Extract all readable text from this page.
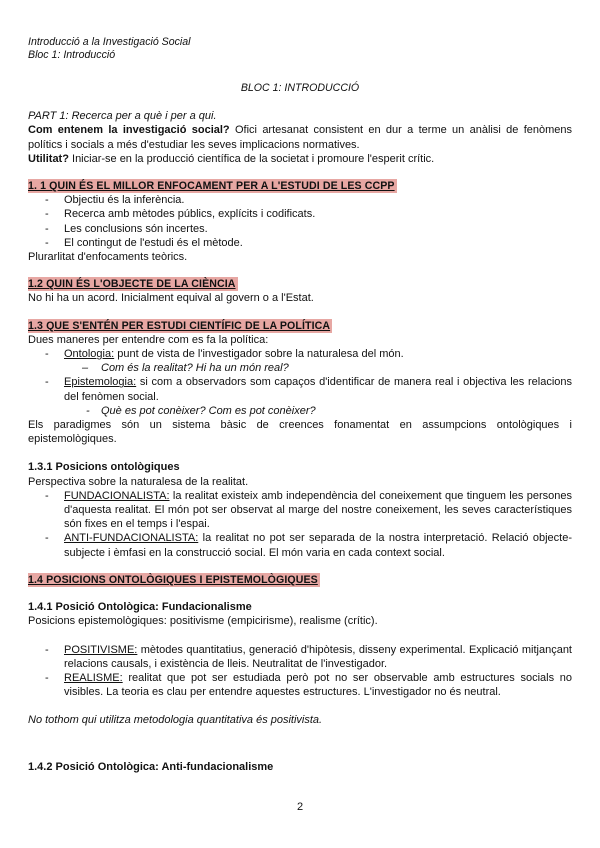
Introducció a la Investigació Social

Bloc 1: Introducció

BLOC 1: INTRODUCCIÓ

PART 1: Recerca per a què i per a qui.

Com entenem la investigació social? Ofici artesanat consistent en dur a terme un anàlisi de fenòmens polítics i socials a més d'estudiar les seves implicacions normatives.

Utilitat? Iniciar-se en la producció científica de la societat i promoure l'esperit crític.

1. 1 QUIN ÉS EL MILLOR ENFOCAMENT PER A L'ESTUDI DE LES CCPP

- Objectiu és la inferència.
- Recerca amb mètodes públics, explícits i codificats.
- Les conclusions són incertes.
- El contingut de l'estudi és el mètode.

Plurarlitat d'enfocaments teòrics.

1.2 QUIN ÉS L'OBJECTE DE LA CIÈNCIA

No hi ha un acord. Inicialment equival al govern o a l'Estat.

1.3 QUE S'ENTÉN PER ESTUDI CIENTÍFIC DE LA POLÍTICA

Dues maneres per entendre com es fa la política:

- Ontologia: punt de vista de l'investigador sobre la naturalesa del món.
– Com és la realitat? Hi ha un món real?
- Epistemologia: si com a observadors som capaços d'identificar de manera real i objectiva les relacions del fenòmen social.
- Què es pot conèixer? Com es pot conèixer?

Els paradigmes són un sistema bàsic de creences fonamentat en assumpcions ontològiques i epistemològiques.

1.3.1 Posicions ontològiques

Perspectiva sobre la naturalesa de la realitat.

- FUNDACIONALISTA: la realitat existeix amb independència del coneixement que tinguem les persones d'aquesta realitat. El món pot ser observat al marge del nostre coneixement, les seves característiques són fixes en el temps i l'espai.
- ANTI-FUNDACIONALISTA: la realitat no pot ser separada de la nostra interpretació. Relació objecte-subjecte i èmfasi en la construcció social. El món varia en cada context social.

1.4 POSICIONS ONTOLÒGIQUES I EPISTEMOLÒGIQUES

1.4.1 Posició Ontològica: Fundacionalisme

Posicions epistemològiques: positivisme (empicirisme), realisme (crític).

- POSITIVISME: mètodes quantitatius, generació d'hipòtesis, disseny experimental. Explicació mitjançant relacions causals, i existència de lleis. Neutralitat de l'investigador.
- REALISME: realitat que pot ser estudiada però pot no ser observable amb estructures socials no visibles. La teoria es clau per entendre aquestes estructures. L'investigador no és neutral.

No tothom qui utilitza metodologia quantitativa és positivista.

1.4.2 Posició Ontològica: Anti-fundacionalisme

2
